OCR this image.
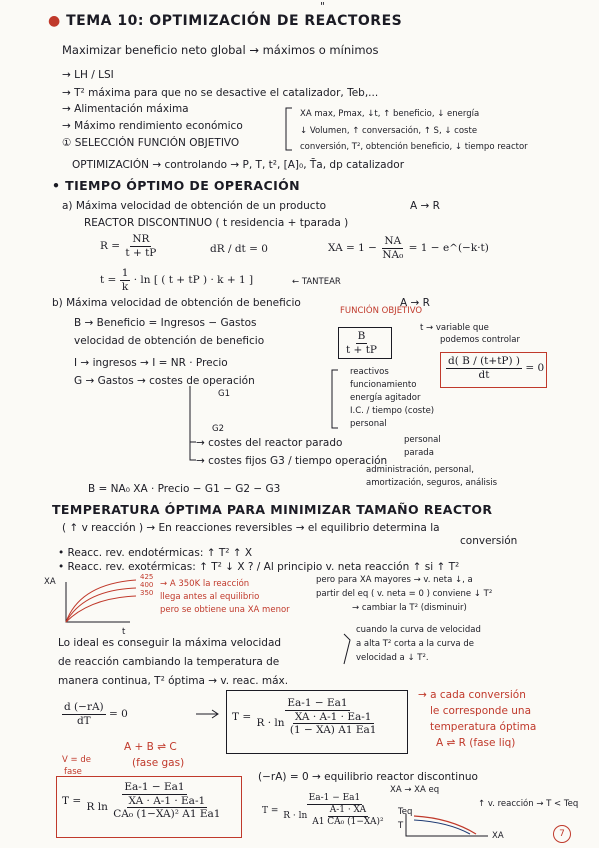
"
● TEMA 10: OPTIMIZACIÓN DE REACTORES
Maximizar beneficio neto global → máximos o mínimos
→ LH / LSI
→ T² máxima para que no se desactive el catalizador, Teb,...
→ Alimentación máxima
→ Máximo rendimiento económico
① SELECCIÓN FUNCIÓN OBJETIVO
OPTIMIZACIÓN → controlando → P, T, t², [A]₀, T̄a, dp catalizador
XA max, Pmax, ↓t, ↑ beneficio, ↓ energía
↓ Volumen, ↑ conversación, ↑ S, ↓ coste
conversión, T², obtención beneficio, ↓ tiempo reactor
• TIEMPO ÓPTIMO DE OPERACIÓN
a) Máxima velocidad de obtención de un producto	A → R
REACTOR DISCONTINUO ( t residencia + tparada )
$R = \frac{NR}{t + tP}$	dR / dt = 0	XA = $1 - \frac{NA}{\text{NA₀}} = 1$ − e^(−k·t)
$t = \frac{1}{k} \cdot \ln$ [ ( t + tP ) · k + 1 ]	← TANTEAR
b) Máxima velocidad de obtención de beneficio	A → R
B → Beneficio = Ingresos − Gastos
velocidad de obtención de beneficio
FUNCIÓN OBJETIVO
$\frac{B}{t + tP}$
t → variable que
podemos controlar
$\frac{d( B / (t+tP) )}{dt} = 0$
I → ingresos → I = NR · Precio
G → Gastos → costes de operación
G1
reactivos
funcionamiento
energía agitador
I.C. / tiempo (coste)
personal
G2
→ costes del reactor parado
→ costes fijos G3 / tiempo operación
personal
parada
administración, personal,
amortización, seguros, análisis
B = NA₀ XA · Precio − G1 − G2 − G3
TEMPERATURA ÓPTIMA PARA MINIMIZAR TAMAÑO REACTOR
( ↑ v reacción ) → En reacciones reversibles → el equilibrio determina la
conversión
• Reacc. rev. endotérmicas: ↑ T² ↑ X
• Reacc. rev. exotérmicas: ↑ T² ↓ X ? / Al principio v. neta reacción ↑ si ↑ T²
pero para XA mayores → v. neta ↓, a
partir del eq ( v. neta = 0 ) conviene ↓ T²
XA
t
425
400
350
→ A 350K la reacción
llega antes al equilibrio
pero se obtiene una XA menor	→ cambiar la T² (disminuir)
cuando la curva de velocidad
a alta T² corta a la curva de
velocidad a ↓ T².
Lo ideal es conseguir la máxima velocidad
de reacción cambiando la temperatura de
manera continua, T² óptima → v. reac. máx.
$\frac{d (-rA)}{dT} = 0$	T = Ea-1 − Ea1
R · ln
$\frac{XA \cdot A-1 \cdot Ea-1}{(1 - XA) A1 Ea1}$
→ a cada conversión
le corresponde una
temperatura óptima
A ⇌ R (fase liq)
A + B ⇌ C
(fase gas)
V = de
fase
T = Ea-1 − Ea1
R ln
$\frac{XA \cdot A-1 \cdot Ea-1}{\text{CA₀ (1−XA)² A1 Ea1}}$
(−rA) = 0 → equilibrio reactor discontinuo
XA → XA eq
T = Ea-1 − Ea1
R · ln
$\frac{A-1 \cdot XA}{\text{A1 CA₀ (1−XA)²}}$ Teq
↑ v. reacción → T < Teq
T
XA	7
